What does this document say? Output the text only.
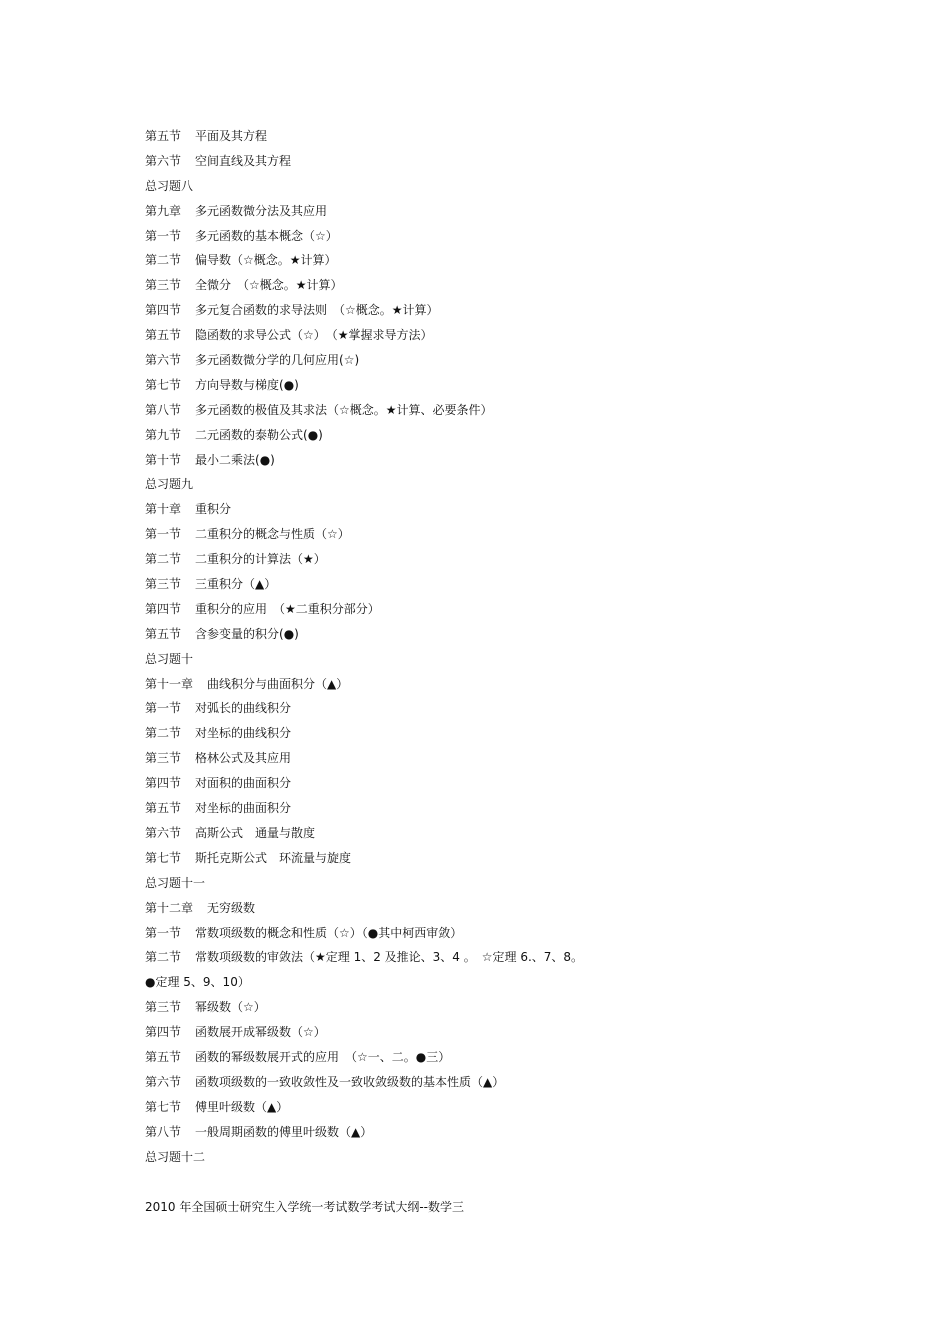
第五节 平面及其方程
第六节 空间直线及其方程
总习题八
第九章 多元函数微分法及其应用
第一节 多元函数的基本概念（☆）
第二节 偏导数（☆概念。★计算）
第三节 全微分　（☆概念。★计算）
第四节 多元复合函数的求导法则　（☆概念。★计算）
第五节 隐函数的求导公式（☆）　（★掌握求导方法）
第六节 多元函数微分学的几何应用(☆)
第七节 方向导数与梯度(●)
第八节 多元函数的极值及其求法（☆概念。★计算、必要条件）
第九节 二元函数的泰勒公式(●)
第十节 最小二乘法(●)
总习题九
第十章 重积分
第一节 二重积分的概念与性质（☆）
第二节 二重积分的计算法（★）
第三节 三重积分（▲）
第四节 重积分的应用　（★二重积分部分）
第五节 含参变量的积分(●)
总习题十
第十一章 曲线积分与曲面积分（▲）
第一节 对弧长的曲线积分
第二节 对坐标的曲线积分
第三节 格林公式及其应用
第四节 对面积的曲面积分
第五节 对坐标的曲面积分
第六节 高斯公式　通量与散度
第七节 斯托克斯公式　环流量与旋度
总习题十一
第十二章 无穷级数
第一节 常数项级数的概念和性质（☆）（●其中柯西审敛）
第二节 常数项级数的审敛法（★定理 1、2 及推论、3、4 。　☆定理 6.、7、8。
●定理 5、9、10）
第三节 幂级数（☆）
第四节 函数展开成幂级数（☆）
第五节 函数的幂级数展开式的应用　（☆一、二。●三）
第六节 函数项级数的一致收敛性及一致收敛级数的基本性质（▲）
第七节 傅里叶级数（▲）
第八节 一般周期函数的傅里叶级数（▲）
总习题十二
2010 年全国硕士研究生入学统一考试数学考试大纲--数学三
